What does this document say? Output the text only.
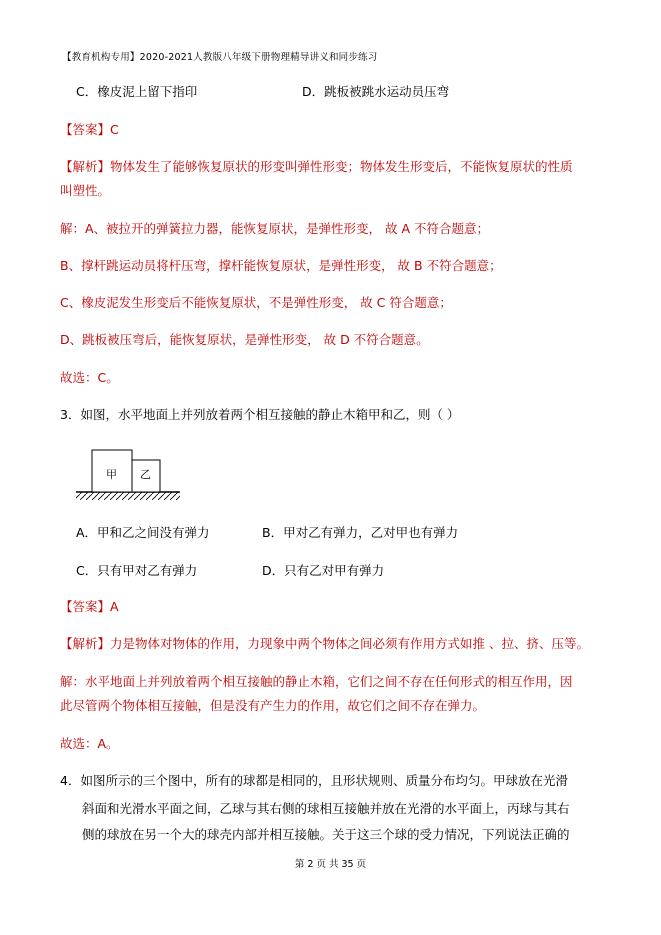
【教育机构专用】2020-2021人教版八年级下册物理精导讲义和同步练习
C．橡皮泥上留下指印	D．跳板被跳水运动员压弯
【答案】C
【解析】物体发生了能够恢复原状的形变叫弹性形变；物体发生形变后，不能恢复原状的性质
叫塑性。
解：A、被拉开的弹簧拉力器，能恢复原状，是弹性形变， 故 A 不符合题意；
B、撑杆跳运动员将杆压弯，撑杆能恢复原状，是弹性形变， 故 B 不符合题意；
C、橡皮泥发生形变后不能恢复原状，不是弹性形变， 故 C 符合题意；
D、跳板被压弯后，能恢复原状，是弹性形变， 故 D 不符合题意。
故选：C。
3．如图，水平地面上并列放着两个相互接触的静止木箱甲和乙，则（ ）
甲 乙
A．甲和乙之间没有弹力	B．甲对乙有弹力，乙对甲也有弹力
C．只有甲对乙有弹力	D．只有乙对甲有弹力
【答案】A
【解析】力是物体对物体的作用，力现象中两个物体之间必须有作用方式如推 、拉、挤、压等。
解：水平地面上并列放着两个相互接触的静止木箱，它们之间不存在任何形式的相互作用，因
此尽管两个物体相互接触，但是没有产生力的作用，故它们之间不存在弹力。
故选：A。
4．如图所示的三个图中，所有的球都是相同的，且形状规则、质量分布均匀。甲球放在光滑
斜面和光滑水平面之间，乙球与其右侧的球相互接触并放在光滑的水平面上，丙球与其右
侧的球放在另一个大的球壳内部并相互接触。关于这三个球的受力情况，下列说法正确的
第 2 页 共 35 页
